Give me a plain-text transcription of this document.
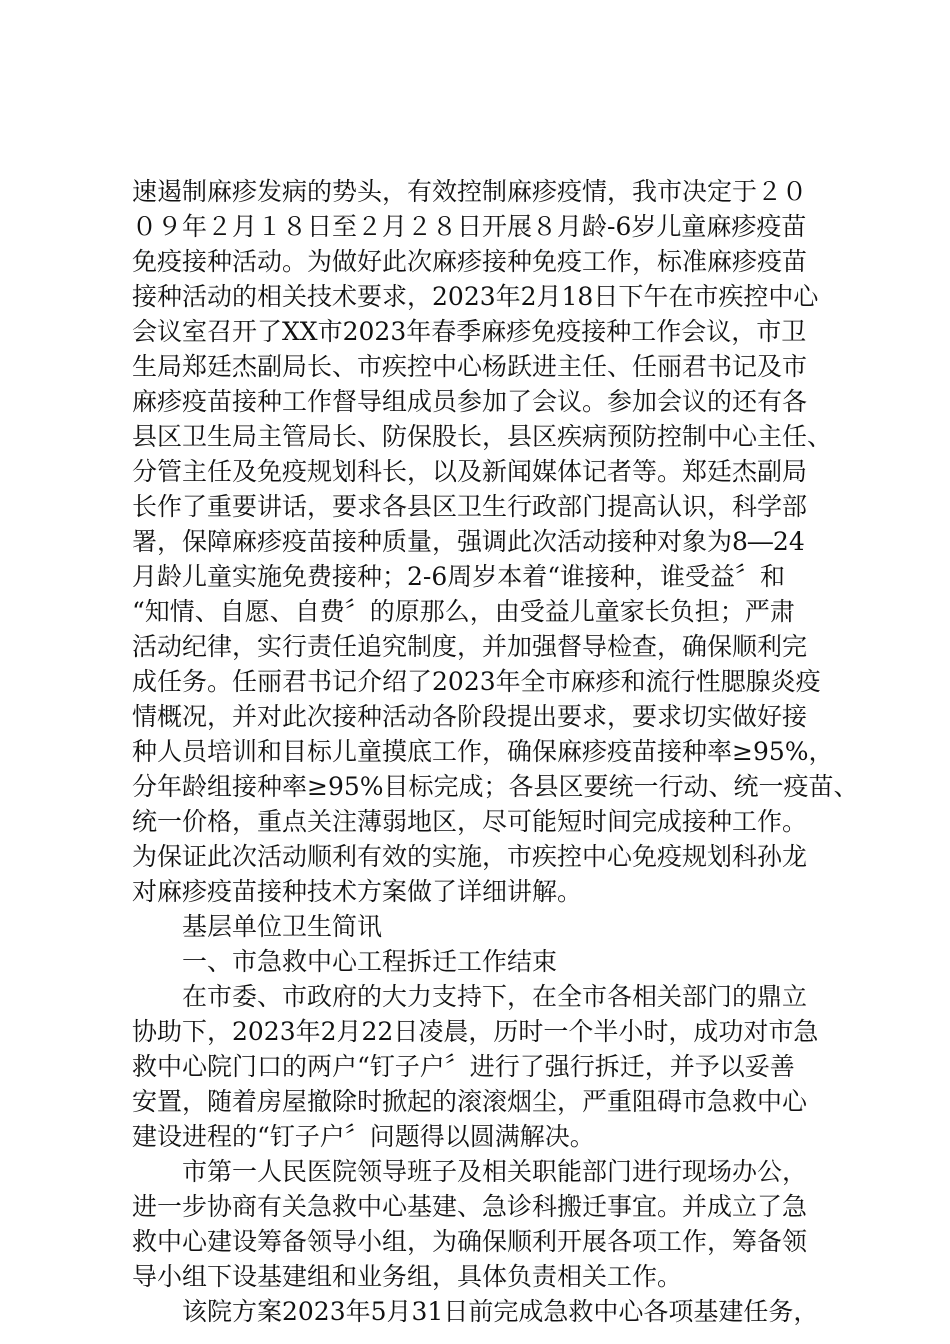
速遏制麻疹发病的势头，有效控制麻疹疫情，我市决定于２０
０９年２月１８日至２月２８日开展８月龄-6岁儿童麻疹疫苗
免疫接种活动。为做好此次麻疹接种免疫工作，标准麻疹疫苗
接种活动的相关技术要求，2023年2月18日下午在市疾控中心
会议室召开了XX市2023年春季麻疹免疫接种工作会议，市卫
生局郑廷杰副局长、市疾控中心杨跃进主任、任丽君书记及市
麻疹疫苗接种工作督导组成员参加了会议。参加会议的还有各
县区卫生局主管局长、防保股长，县区疾病预防控制中心主任、
分管主任及免疫规划科长，以及新闻媒体记者等。郑廷杰副局
长作了重要讲话，要求各县区卫生行政部门提高认识，科学部
署，保障麻疹疫苗接种质量，强调此次活动接种对象为8―24
月龄儿童实施免费接种；2-6周岁本着“谁接种，谁受益〞和
“知情、自愿、自费〞的原那么，由受益儿童家长负担；严肃
活动纪律，实行责任追究制度，并加强督导检查，确保顺利完
成任务。任丽君书记介绍了2023年全市麻疹和流行性腮腺炎疫
情概况，并对此次接种活动各阶段提出要求，要求切实做好接
种人员培训和目标儿童摸底工作，确保麻疹疫苗接种率≥95%，
分年龄组接种率≥95%目标完成；各县区要统一行动、统一疫苗、
统一价格，重点关注薄弱地区，尽可能短时间完成接种工作。
为保证此次活动顺利有效的实施，市疾控中心免疫规划科孙龙
对麻疹疫苗接种技术方案做了详细讲解。
基层单位卫生简讯
一、市急救中心工程拆迁工作结束
在市委、市政府的大力支持下，在全市各相关部门的鼎立
协助下，2023年2月22日凌晨，历时一个半小时，成功对市急
救中心院门口的两户“钉子户〞进行了强行拆迁，并予以妥善
安置，随着房屋撤除时掀起的滚滚烟尘，严重阻碍市急救中心
建设进程的“钉子户〞问题得以圆满解决。
市第一人民医院领导班子及相关职能部门进行现场办公，
进一步协商有关急救中心基建、急诊科搬迁事宜。并成立了急
救中心建设筹备领导小组，为确保顺利开展各项工作，筹备领
导小组下设基建组和业务组，具体负责相关工作。
该院方案2023年5月31日前完成急救中心各项基建任务，
